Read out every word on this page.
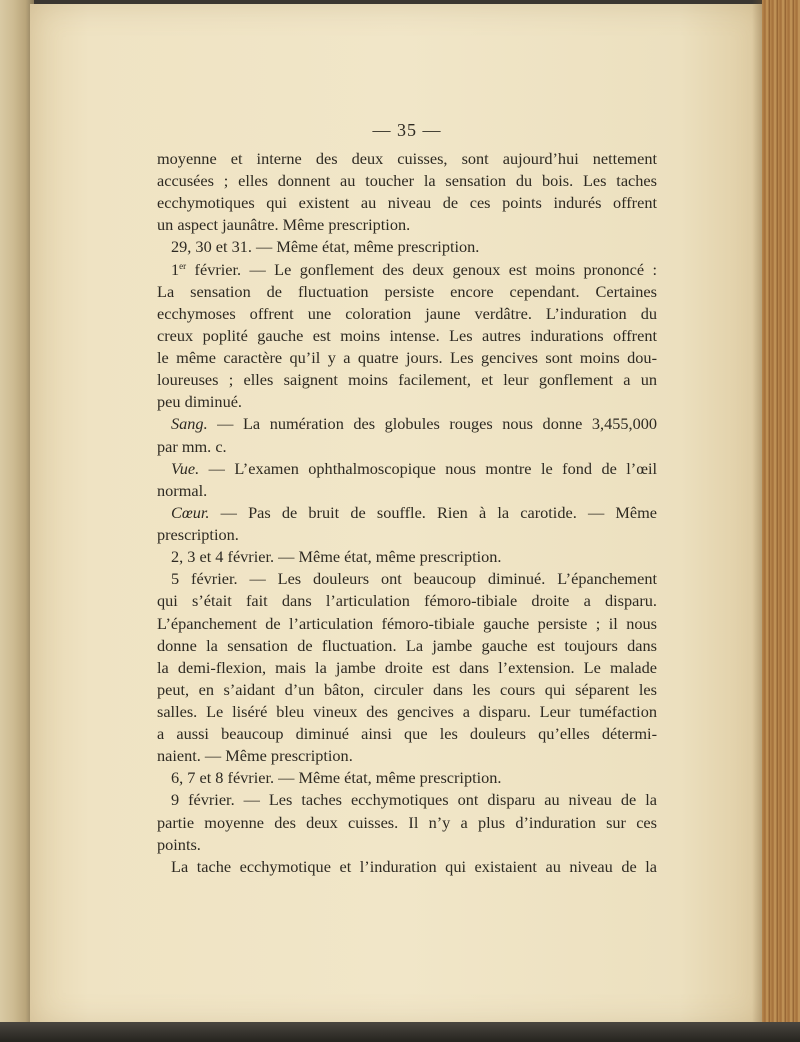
— 35 —
moyenne et interne des deux cuisses, sont aujourd’hui nettement
accusées ; elles donnent au toucher la sensation du bois. Les taches
ecchymotiques qui existent au niveau de ces points indurés offrent
un aspect jaunâtre. Même prescription.
29, 30 et 31. — Même état, même prescription.
1er février. — Le gonflement des deux genoux est moins prononcé :
La sensation de fluctuation persiste encore cependant. Certaines
ecchymoses offrent une coloration jaune verdâtre. L’induration du
creux poplité gauche est moins intense. Les autres indurations offrent
le même caractère qu’il y a quatre jours. Les gencives sont moins dou-
loureuses ; elles saignent moins facilement, et leur gonflement a un
peu diminué.
Sang. — La numération des globules rouges nous donne 3,455,000
par mm. c.
Vue. — L’examen ophthalmoscopique nous montre le fond de l’œil
normal.
Cœur. — Pas de bruit de souffle. Rien à la carotide. — Même
prescription.
2, 3 et 4 février. — Même état, même prescription.
5 février. — Les douleurs ont beaucoup diminué. L’épanchement
qui s’était fait dans l’articulation fémoro-tibiale droite a disparu.
L’épanchement de l’articulation fémoro-tibiale gauche persiste ; il nous
donne la sensation de fluctuation. La jambe gauche est toujours dans
la demi-flexion, mais la jambe droite est dans l’extension. Le malade
peut, en s’aidant d’un bâton, circuler dans les cours qui séparent les
salles. Le liséré bleu vineux des gencives a disparu. Leur tuméfaction
a aussi beaucoup diminué ainsi que les douleurs qu’elles détermi-
naient. — Même prescription.
6, 7 et 8 février. — Même état, même prescription.
9 février. — Les taches ecchymotiques ont disparu au niveau de la
partie moyenne des deux cuisses. Il n’y a plus d’induration sur ces
points.
La tache ecchymotique et l’induration qui existaient au niveau de la
